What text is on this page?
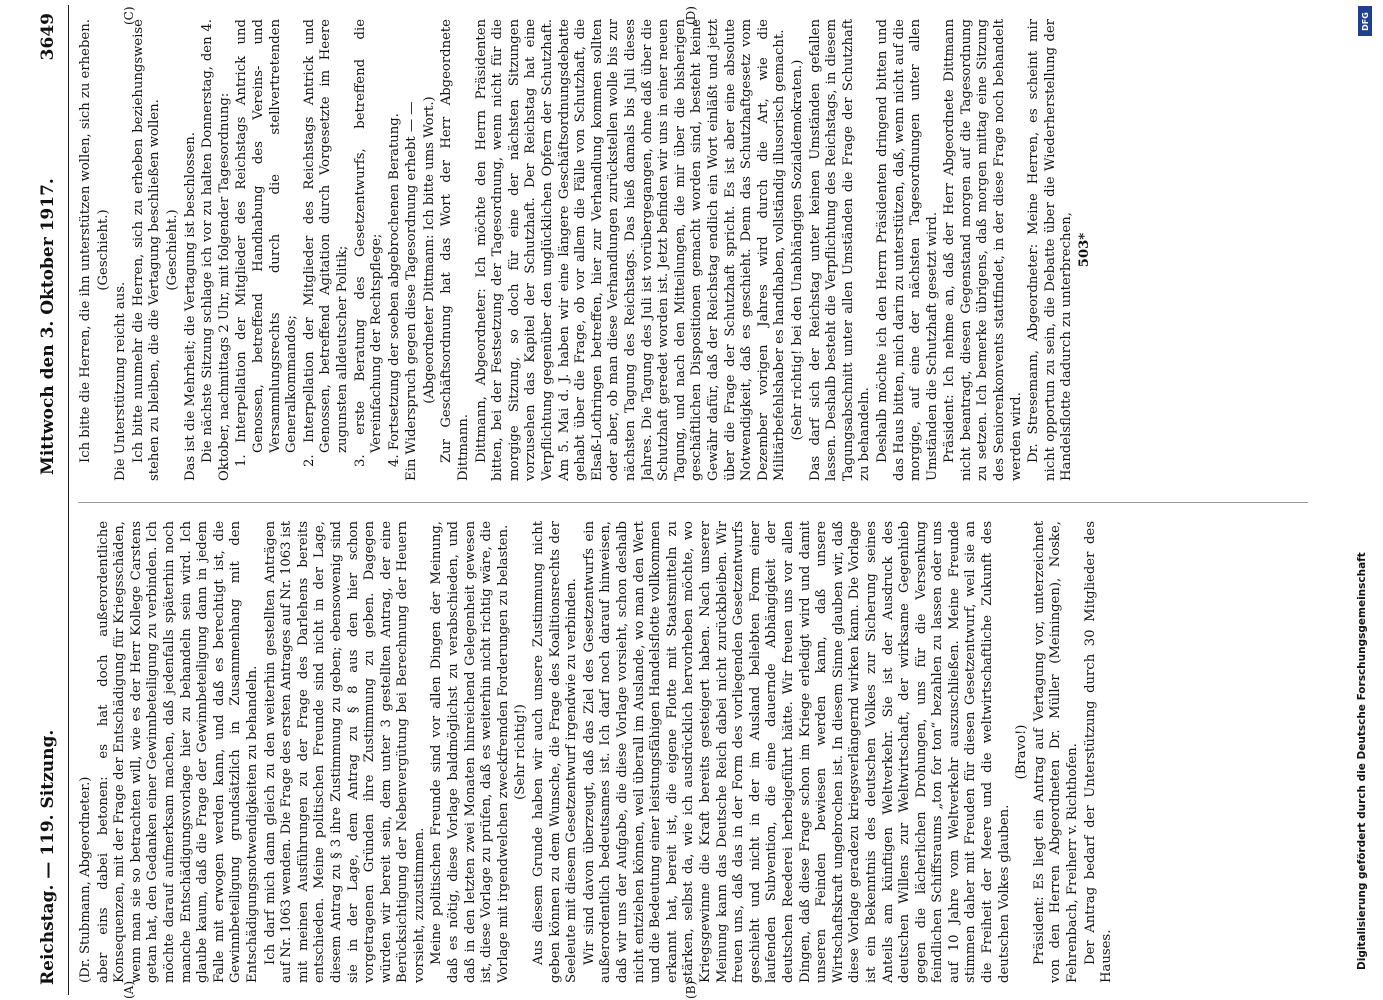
Reichstag. — 119. Sitzung.
Mittwoch den 3. Oktober 1917.
3649
(A)	(B)
(C)	(D)

(Dr. Stubmann, Abgeordneter.) aber eins dabei betonen: es hat doch außerordentliche Konsequenzen, mit der Frage der Entschädigung für Kriegsschäden, wenn man sie so betrachten will, wie es der Herr Kollege Carstens getan hat, den Gedanken einer Gewinnbeteiligung zu verbinden. Ich möchte darauf aufmerksam machen, daß jedenfalls späterhin noch manche Entschädigungsvorlage hier zu behandeln sein wird. Ich glaube kaum, daß die Frage der Gewinnbeteiligung dann in jedem Falle mit erwogen werden kann, und daß es berechtigt ist, die Gewinnbeteiligung grundsätzlich in Zusammenhang mit den Entschädigungsnotwendigkeiten zu behandeln. Ich darf mich dann gleich zu den weiterhin gestellten Anträgen auf Nr. 1063 wenden. Die Frage des ersten Antrages auf Nr. 1063 ist mit meinen Ausführungen zu der Frage des Darlehens bereits entschieden. Meine politischen Freunde sind nicht in der Lage, diesem Antrag zu § 3 ihre Zustimmung zu geben; ebensowenig sind sie in der Lage, dem Antrag zu § 8 aus den hier schon vorgetragenen Gründen ihre Zustimmung zu geben. Dagegen würden wir bereit sein, dem unter 3 gestellten Antrag, der eine Berücksichtigung der Nebenvergütung bei Berechnung der Heuern vorsieht, zuzustimmen. Meine politischen Freunde sind vor allen Dingen der Meinung, daß es nötig, diese Vorlage baldmöglichst zu verabschieden, und daß in den letzten zwei Monaten hinreichend Gelegenheit gewesen ist, diese Vorlage zu prüfen, daß es weiterhin nicht richtig wäre, die Vorlage mit irgendwelchen zweckfremden Forderungen zu belasten. (Sehr richtig!) Aus diesem Grunde haben wir auch unsere Zustimmung nicht geben können zu dem Wunsche, die Frage des Koalitionsrechts der Seeleute mit diesem Gesetzentwurf irgendwie zu verbinden. Wir sind davon überzeugt, daß das Ziel des Gesetzentwurfs ein außerordentlich bedeutsames ist. Ich darf noch darauf hinweisen, daß wir uns der Aufgabe, die diese Vorlage vorsieht, schon deshalb nicht entziehen können, weil überall im Auslande, wo man den Wert und die Bedeutung einer leistungsfähigen Handelsflotte vollkommen erkannt hat, bereit ist, die eigene Flotte mit Staatsmitteln zu stärken, selbst da, wie ich ausdrücklich hervorheben möchte, wo Kriegsgewinne die Kraft bereits gesteigert haben. Nach unserer Meinung kann das Deutsche Reich dabei nicht zurückbleiben. Wir freuen uns, daß das in der Form des vorliegenden Gesetzentwurfs geschieht und nicht in der im Ausland beliebten Form einer laufenden Subvention, die eine dauernde Abhängigkeit der deutschen Reederei herbeigeführt hätte. Wir freuen uns vor allen Dingen, daß diese Frage schon im Kriege erledigt wird und damit unseren Feinden bewiesen werden kann, daß unsere Wirtschaftskraft ungebrochen ist. In diesem Sinne glauben wir, daß diese Vorlage geradezu kriegsverlängernd wirken kann. Die Vorlage ist ein Bekenntnis des deutschen Volkes zur Sicherung seines Anteils am künftigen Weltverkehr. Sie ist der Ausdruck des deutschen Willens zur Weltwirtschaft, der wirksame Gegenhieb gegen die lächerlichen Drohungen, uns für die Versenkung feindlichen Schiffsraums „ton for ton“ bezahlen zu lassen oder uns auf 10 Jahre vom Weltverkehr auszuschließen. Meine Freunde stimmen daher mit Freuden für diesen Gesetzentwurf, weil sie an die Freiheit der Meere und die weltwirtschaftliche Zukunft des deutschen Volkes glauben.

(Bravo!) Präsident: Es liegt ein Antrag auf Vertagung vor, unterzeichnet von den Herren Abgeordneten Dr. Müller (Meiningen), Noske, Fehrenbach, Freiherr v. Richthofen. Der Antrag bedarf der Unterstützung durch 30 Mitglieder des Hauses.

Ich bitte die Herren, die ihn unterstützen wollen, sich zu erheben. (Geschieht.)

Die Unterstützung reicht aus. Ich bitte nunmehr die Herren, sich zu erheben beziehungsweise stehen zu bleiben, die die Vertagung beschließen wollen. (Geschieht.) Das ist die Mehrheit; die Vertagung ist beschlossen. Die nächste Sitzung schlage ich vor zu halten Donnerstag, den 4. Oktober, nachmittags 2 Uhr, mit folgender Tagesordnung: 1. Interpellation der Mitglieder des Reichstags Antrick und Genossen, betreffend Handhabung des Vereins- und Versammlungsrechts durch die stellvertretenden Generalkommandos; 2. Interpellation der Mitglieder des Reichstags Antrick und Genossen, betreffend Agitation durch Vorgesetzte im Heere zugunsten alldeutscher Politik; 3. erste Beratung des Gesetzentwurfs, betreffend die Vereinfachung der Rechtspflege; 4. Fortsetzung der soeben abgebrochenen Beratung. Ein Widerspruch gegen diese Tagesordnung erhebt — — (Abgeordneter Dittmann: Ich bitte ums Wort.) Zur Geschäftsordnung hat das Wort der Herr Abgeordnete Dittmann. Dittmann, Abgeordneter: Ich möchte den Herrn Präsidenten bitten, bei der Festsetzung der Tagesordnung, wenn nicht für die morgige Sitzung, so doch für eine der nächsten Sitzungen vorzusehen das Kapitel der Schutzhaft. Der Reichstag hat eine Verpflichtung gegenüber den unglücklichen Opfern der Schutzhaft. Am 5. Mai d. J. haben wir eine längere Geschäftsordnungsdebatte gehabt über die Frage, ob vor allem die Fälle von Schutzhaft, die Elsaß-Lothringen betreffen, hier zur Verhandlung kommen sollten oder aber, ob man diese Verhandlungen zurückstellen wolle bis zur nächsten Tagung des Reichstags. Das hieß damals bis Juli dieses Jahres. Die Tagung des Juli ist vorübergegangen, ohne daß über die Schutzhaft geredet worden ist. Jetzt befinden wir uns in einer neuen Tagung, und nach den Mitteilungen, die mir über die bisherigen geschäftlichen Dispositionen gemacht worden sind, besteht keine Gewähr dafür, daß der Reichstag endlich ein Wort einläßt und jetzt über die Frage der Schutzhaft spricht. Es ist aber eine absolute Notwendigkeit, daß es geschieht. Denn das Schutzhaftgesetz vom Dezember vorigen Jahres wird durch die Art, wie die Militärbefehlshaber es handhaben, vollständig illusorisch gemacht. (Sehr richtig! bei den Unabhängigen Sozialdemokraten.) Das darf sich der Reichstag unter keinen Umständen gefallen lassen. Deshalb besteht die Verpflichtung des Reichstags, in diesem Tagungsabschnitt unter allen Umständen die Frage der Schutzhaft zu behandeln. Deshalb möchte ich den Herrn Präsidenten dringend bitten und das Haus bitten, mich darin zu unterstützen, daß, wenn nicht auf die morgige, auf eine der nächsten Tagesordnungen unter allen Umständen die Schutzhaft gesetzt wird. Präsident: Ich nehme an, daß der Herr Abgeordnete Dittmann nicht beantragt, diesen Gegenstand morgen auf die Tagesordnung zu setzen. Ich bemerke übrigens, daß morgen mittag eine Sitzung des Seniorenkonvents stattfindet, in der diese Frage noch behandelt werden wird. Dr. Stresemann, Abgeordneter: Meine Herren, es scheint mir nicht opportun zu sein, die Debatte über die Wiederherstellung der Handelsflotte dadurch zu unterbrechen, 503*

DFG
Digitalisierung gefördert durch die Deutsche Forschungsgemeinschaft
